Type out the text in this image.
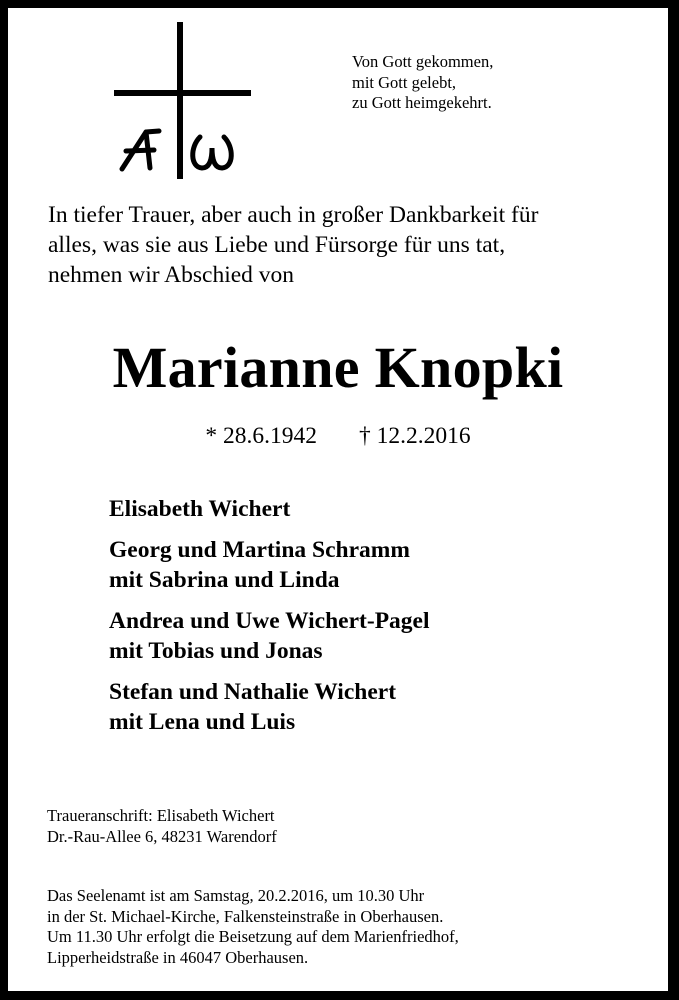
Von Gott gekommen,
mit Gott gelebt,
zu Gott heimgekehrt.
In tiefer Trauer, aber auch in großer Dankbarkeit für
alles, was sie aus Liebe und Fürsorge für uns tat,
nehmen wir Abschied von
Marianne Knopki
* 28.6.1942 † 12.2.2016
Elisabeth Wichert
Georg und Martina Schramm
mit Sabrina und Linda
Andrea und Uwe Wichert-Pagel
mit Tobias und Jonas
Stefan und Nathalie Wichert
mit Lena und Luis
Traueranschrift: Elisabeth Wichert
Dr.-Rau-Allee 6, 48231 Warendorf
Das Seelenamt ist am Samstag, 20.2.2016, um 10.30 Uhr
in der St. Michael-Kirche, Falkensteinstraße in Oberhausen.
Um 11.30 Uhr erfolgt die Beisetzung auf dem Marienfriedhof,
Lipperheidstraße in 46047 Oberhausen.
